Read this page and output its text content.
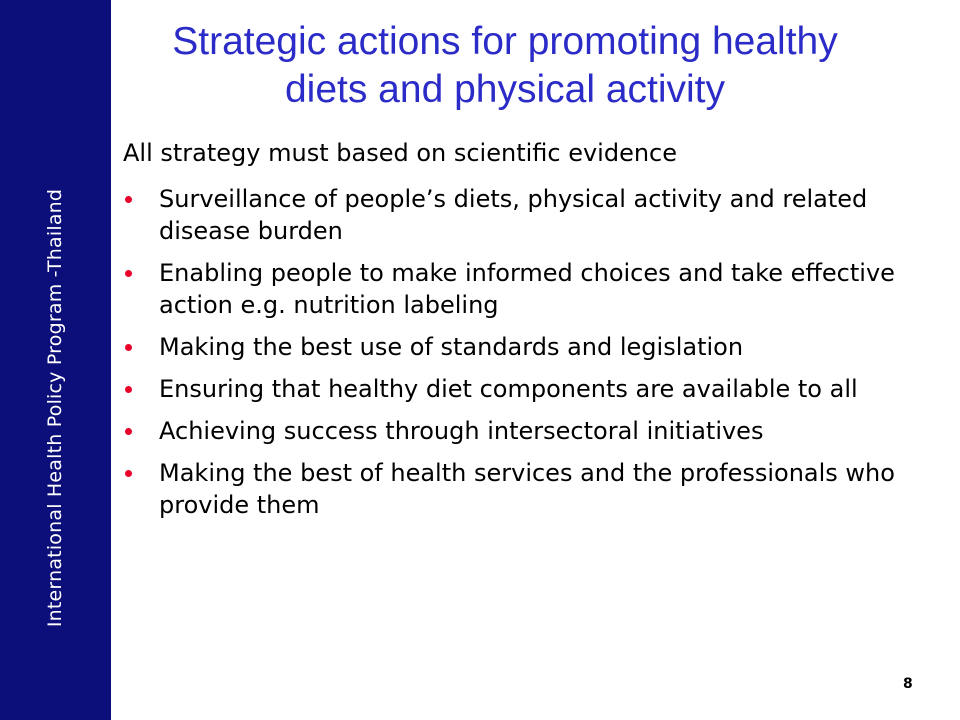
International Health Policy Program -Thailand
Strategic actions for promoting healthy
diets and physical activity
All strategy must based on scientific evidence
Surveillance of people’s diets, physical activity and related disease burden
Enabling people to make informed choices and take effective action e.g. nutrition labeling
Making the best use of standards and legislation
Ensuring that healthy diet components are available to all
Achieving success through intersectoral initiatives
Making the best of health services and the professionals who provide them
8
